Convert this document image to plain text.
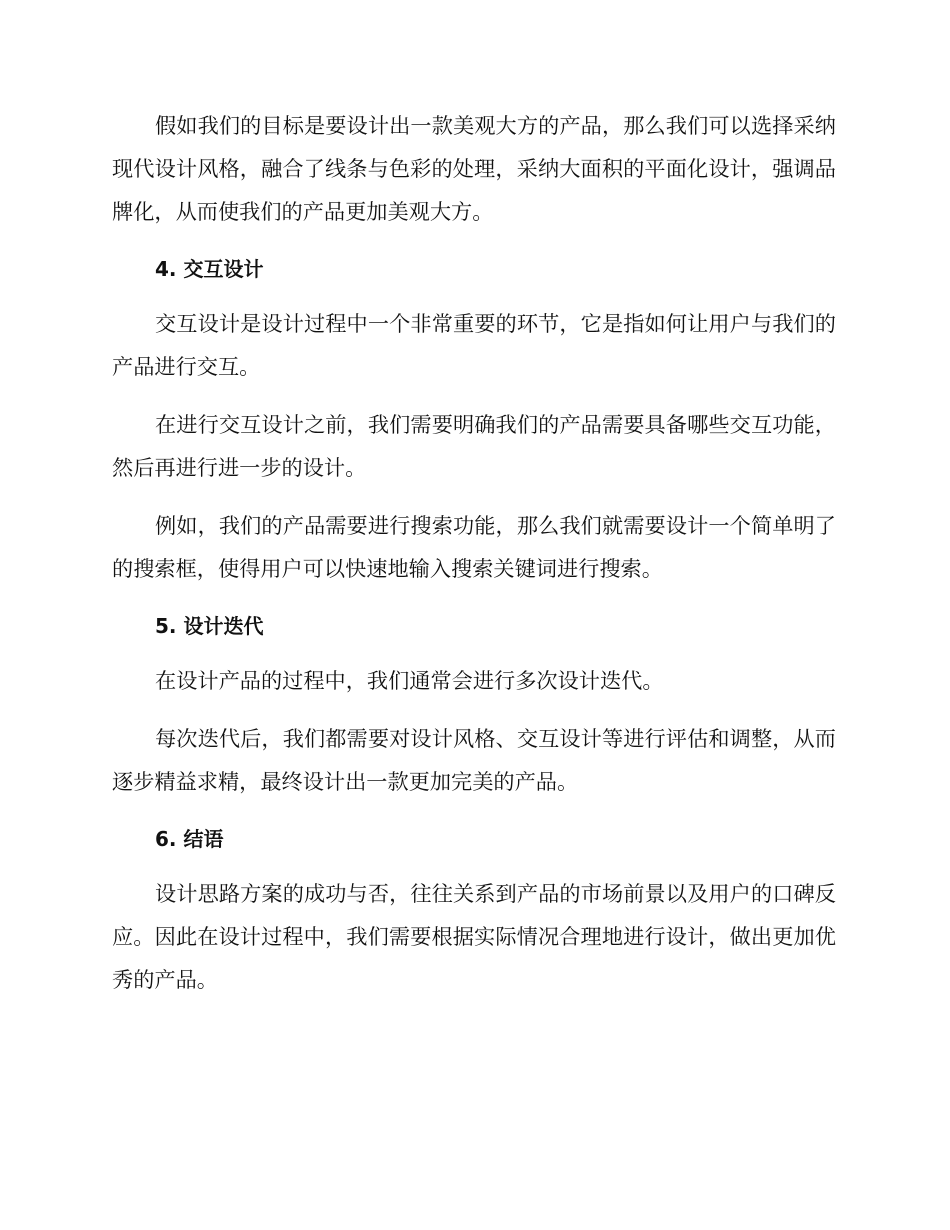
假如我们的目标是要设计出一款美观大方的产品，那么我们可以选择采纳现代设计风格，融合了线条与色彩的处理，采纳大面积的平面化设计，强调品牌化，从而使我们的产品更加美观大方。

4. 交互设计

交互设计是设计过程中一个非常重要的环节，它是指如何让用户与我们的产品进行交互。

在进行交互设计之前，我们需要明确我们的产品需要具备哪些交互功能，然后再进行进一步的设计。

例如，我们的产品需要进行搜索功能，那么我们就需要设计一个简单明了的搜索框，使得用户可以快速地输入搜索关键词进行搜索。

5. 设计迭代

在设计产品的过程中，我们通常会进行多次设计迭代。

每次迭代后，我们都需要对设计风格、交互设计等进行评估和调整，从而逐步精益求精，最终设计出一款更加完美的产品。

6. 结语

设计思路方案的成功与否，往往关系到产品的市场前景以及用户的口碑反应。因此在设计过程中，我们需要根据实际情况合理地进行设计，做出更加优秀的产品。
